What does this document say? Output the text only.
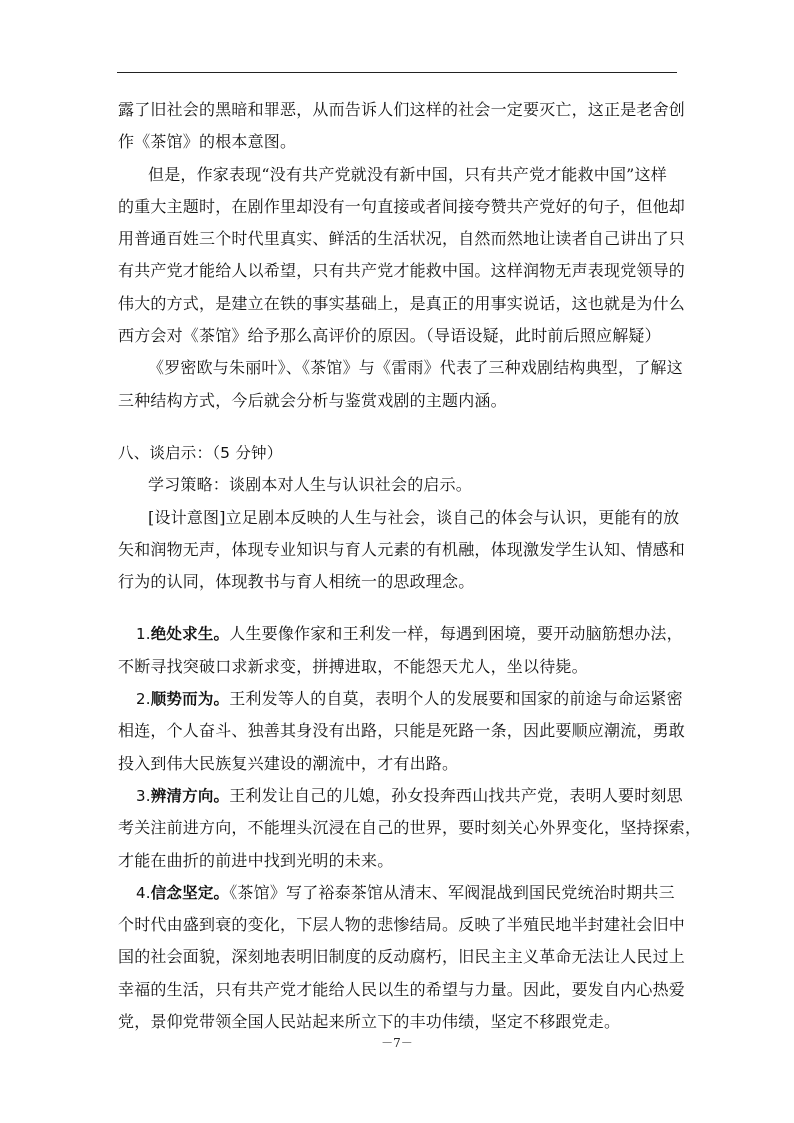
露了旧社会的黑暗和罪恶，从而告诉人们这样的社会一定要灭亡，这正是老舍创
作《茶馆》的根本意图。
但是，作家表现“没有共产党就没有新中国，只有共产党才能救中国”这样
的重大主题时，在剧作里却没有一句直接或者间接夸赞共产党好的句子，但他却
用普通百姓三个时代里真实、鲜活的生活状况，自然而然地让读者自己讲出了只
有共产党才能给人以希望，只有共产党才能救中国。这样润物无声表现党领导的
伟大的方式，是建立在铁的事实基础上，是真正的用事实说话，这也就是为什么
西方会对《茶馆》给予那么高评价的原因。（导语设疑，此时前后照应解疑）
《罗密欧与朱丽叶》、《茶馆》与《雷雨》代表了三种戏剧结构典型，了解这
三种结构方式，今后就会分析与鉴赏戏剧的主题内涵。
八、谈启示：（5 分钟）
学习策略：谈剧本对人生与认识社会的启示。
[设计意图]立足剧本反映的人生与社会，谈自己的体会与认识，更能有的放
矢和润物无声，体现专业知识与育人元素的有机融，体现激发学生认知、情感和
行为的认同，体现教书与育人相统一的思政理念。
1.绝处求生。人生要像作家和王利发一样，每遇到困境，要开动脑筋想办法，
不断寻找突破口求新求变，拼搏进取，不能怨天尤人，坐以待毙。
2.顺势而为。王利发等人的自莫，表明个人的发展要和国家的前途与命运紧密
相连，个人奋斗、独善其身没有出路，只能是死路一条，因此要顺应潮流，勇敢
投入到伟大民族复兴建设的潮流中，才有出路。
3.辨清方向。王利发让自己的儿媳，孙女投奔西山找共产党，表明人要时刻思
考关注前进方向，不能埋头沉浸在自己的世界，要时刻关心外界变化，坚持探索，
才能在曲折的前进中找到光明的未来。
4.信念坚定。《茶馆》写了裕泰茶馆从清末、军阀混战到国民党统治时期共三
个时代由盛到衰的变化，下层人物的悲惨结局。反映了半殖民地半封建社会旧中
国的社会面貌，深刻地表明旧制度的反动腐朽，旧民主主义革命无法让人民过上
幸福的生活，只有共产党才能给人民以生的希望与力量。因此，要发自内心热爱
党，景仰党带领全国人民站起来所立下的丰功伟绩，坚定不移跟党走。
－7－
